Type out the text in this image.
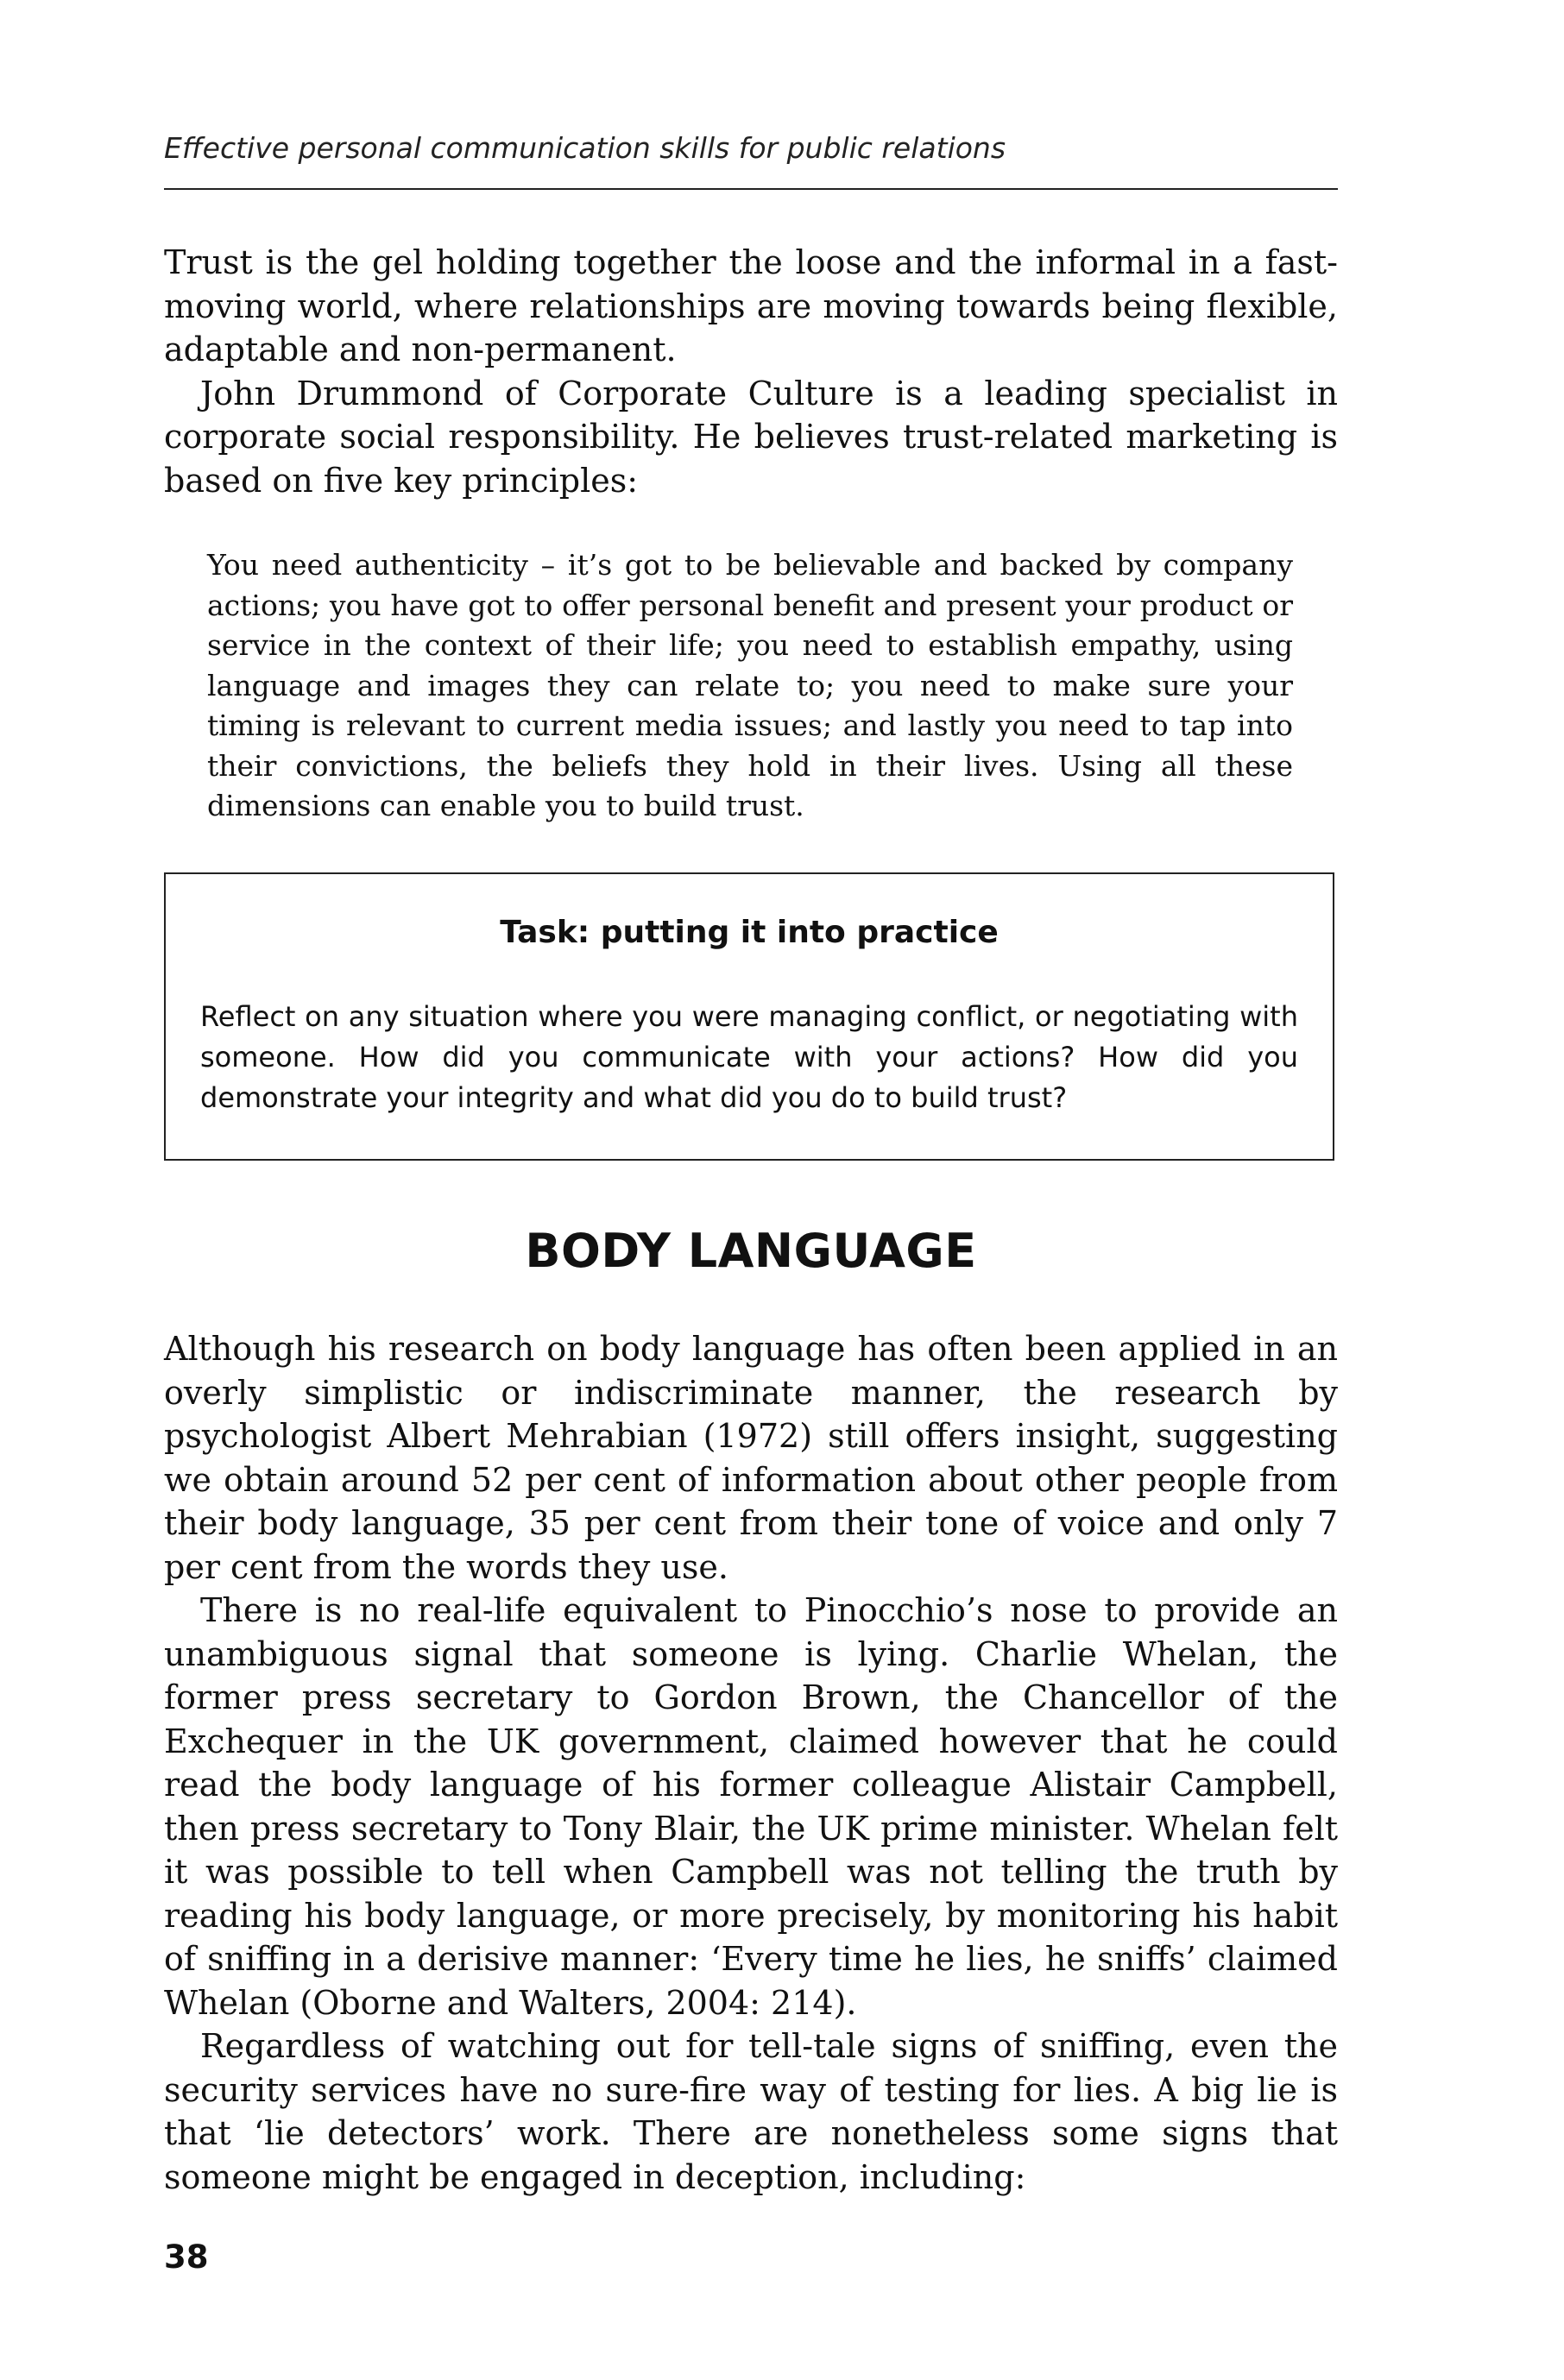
Effective personal communication skills for public relations

Trust is the gel holding together the loose and the informal in a fast-moving world, where relationships are moving towards being flexible, adaptable and non-permanent.

John Drummond of Corporate Culture is a leading specialist in corporate social responsibility. He believes trust-related marketing is based on five key principles:

You need authenticity – it’s got to be believable and backed by company actions; you have got to offer personal benefit and present your product or service in the context of their life; you need to establish empathy, using language and images they can relate to; you need to make sure your timing is relevant to current media issues; and lastly you need to tap into their convictions, the beliefs they hold in their lives. Using all these dimensions can enable you to build trust.

Task: putting it into practice

Reflect on any situation where you were managing conflict, or negotiating with someone. How did you communicate with your actions? How did you demonstrate your integrity and what did you do to build trust?

BODY LANGUAGE

Although his research on body language has often been applied in an overly simplistic or indiscriminate manner, the research by psychologist Albert Mehrabian (1972) still offers insight, suggesting we obtain around 52 per cent of information about other people from their body language, 35 per cent from their tone of voice and only 7 per cent from the words they use.

There is no real-life equivalent to Pinocchio’s nose to provide an unambiguous signal that someone is lying. Charlie Whelan, the former press secretary to Gordon Brown, the Chancellor of the Exchequer in the UK government, claimed however that he could read the body language of his former colleague Alistair Campbell, then press secretary to Tony Blair, the UK prime minister. Whelan felt it was possible to tell when Campbell was not telling the truth by reading his body language, or more precisely, by monitoring his habit of sniffing in a derisive manner: ‘Every time he lies, he sniffs’ claimed Whelan (Oborne and Walters, 2004: 214).

Regardless of watching out for tell-tale signs of sniffing, even the security services have no sure-fire way of testing for lies. A big lie is that ‘lie detectors’ work. There are nonetheless some signs that someone might be engaged in deception, including:

38
